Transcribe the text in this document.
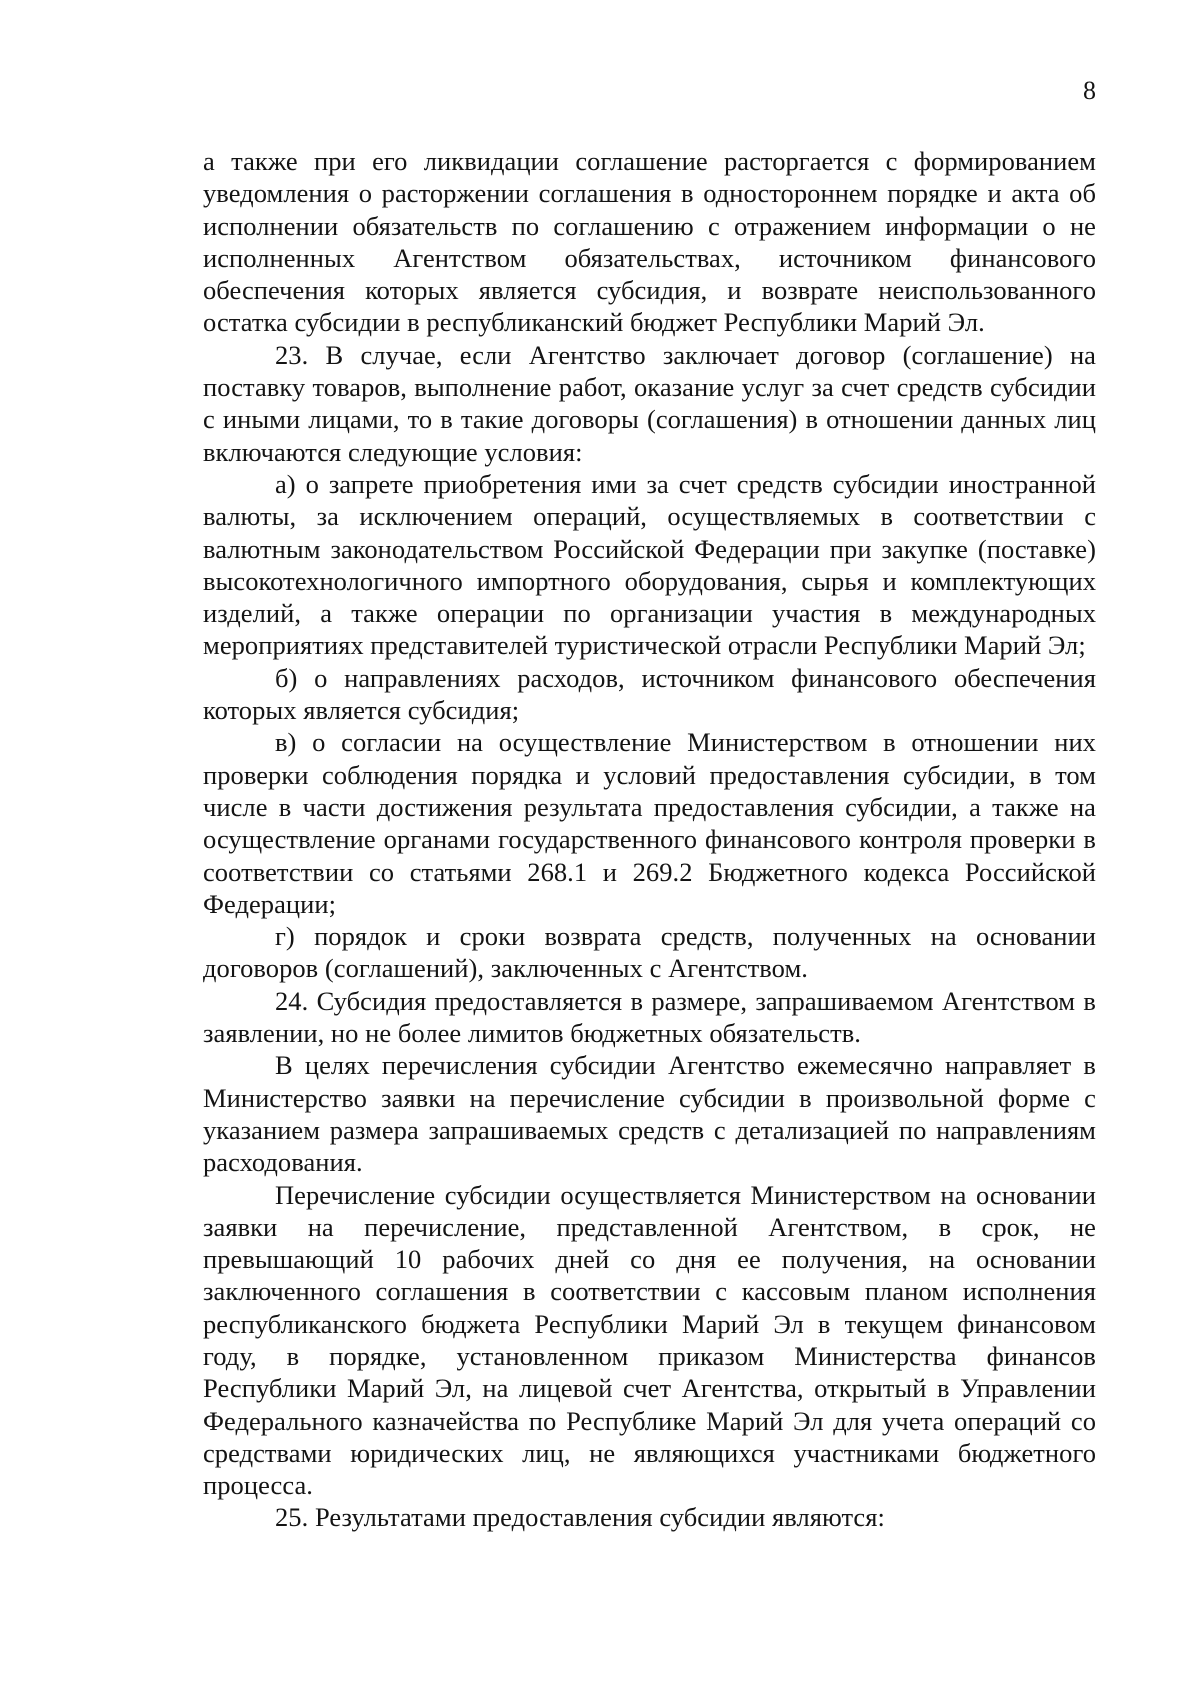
8

а также при его ликвидации соглашение расторгается с формированием уведомления о расторжении соглашения в одностороннем порядке и акта об исполнении обязательств по соглашению с отражением информации о не исполненных Агентством обязательствах, источником финансового обеспечения которых является субсидия, и возврате неиспользованного остатка субсидии в республиканский бюджет Республики Марий Эл.

23. В случае, если Агентство заключает договор (соглашение) на поставку товаров, выполнение работ, оказание услуг за счет средств субсидии с иными лицами, то в такие договоры (соглашения) в отношении данных лиц включаются следующие условия:

а) о запрете приобретения ими за счет средств субсидии иностранной валюты, за исключением операций, осуществляемых в соответствии с валютным законодательством Российской Федерации при закупке (поставке) высокотехнологичного импортного оборудования, сырья и комплектующих изделий, а также операции по организации участия в международных мероприятиях представителей туристической отрасли Республики Марий Эл;

б) о направлениях расходов, источником финансового обеспечения которых является субсидия;

в) о согласии на осуществление Министерством в отношении них проверки соблюдения порядка и условий предоставления субсидии, в том числе в части достижения результата предоставления субсидии, а также на осуществление органами государственного финансового контроля проверки в соответствии со статьями 268.1 и 269.2 Бюджетного кодекса Российской Федерации;

г) порядок и сроки возврата средств, полученных на основании договоров (соглашений), заключенных с Агентством.

24. Субсидия предоставляется в размере, запрашиваемом Агентством в заявлении, но не более лимитов бюджетных обязательств.

В целях перечисления субсидии Агентство ежемесячно направляет в Министерство заявки на перечисление субсидии в произвольной форме с указанием размера запрашиваемых средств с детализацией по направлениям расходования.

Перечисление субсидии осуществляется Министерством на основании заявки на перечисление, представленной Агентством, в срок, не превышающий 10 рабочих дней со дня ее получения, на основании заключенного соглашения в соответствии с кассовым планом исполнения республиканского бюджета Республики Марий Эл в текущем финансовом году, в порядке, установленном приказом Министерства финансов Республики Марий Эл, на лицевой счет Агентства, открытый в Управлении Федерального казначейства по Республике Марий Эл для учета операций со средствами юридических лиц, не являющихся участниками бюджетного процесса.

25. Результатами предоставления субсидии являются:
